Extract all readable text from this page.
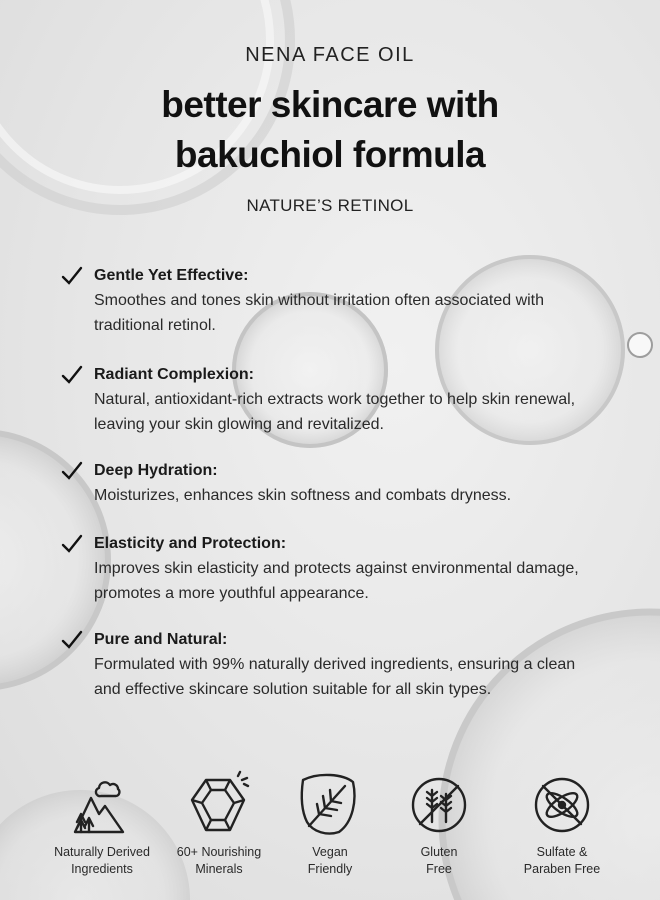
NENA FACE OIL
better skincare with
bakuchiol formula
NATURE’S RETINOL
Gentle Yet Effective:
Smoothes and tones skin without irritation often associated with
traditional retinol.
Radiant Complexion:
Natural, antioxidant-rich extracts work together to help skin renewal,
leaving your skin glowing and revitalized.
Deep Hydration:
Moisturizes, enhances skin softness and combats dryness.
Elasticity and Protection:
Improves skin elasticity and protects against environmental damage,
promotes a more youthful appearance.
Pure and Natural:
Formulated with 99% naturally derived ingredients, ensuring a clean
and effective skincare solution suitable for all skin types.
Naturally Derived
Ingredients
60+ Nourishing
Minerals
Vegan
Friendly
Gluten
Free
Sulfate &
Paraben Free
